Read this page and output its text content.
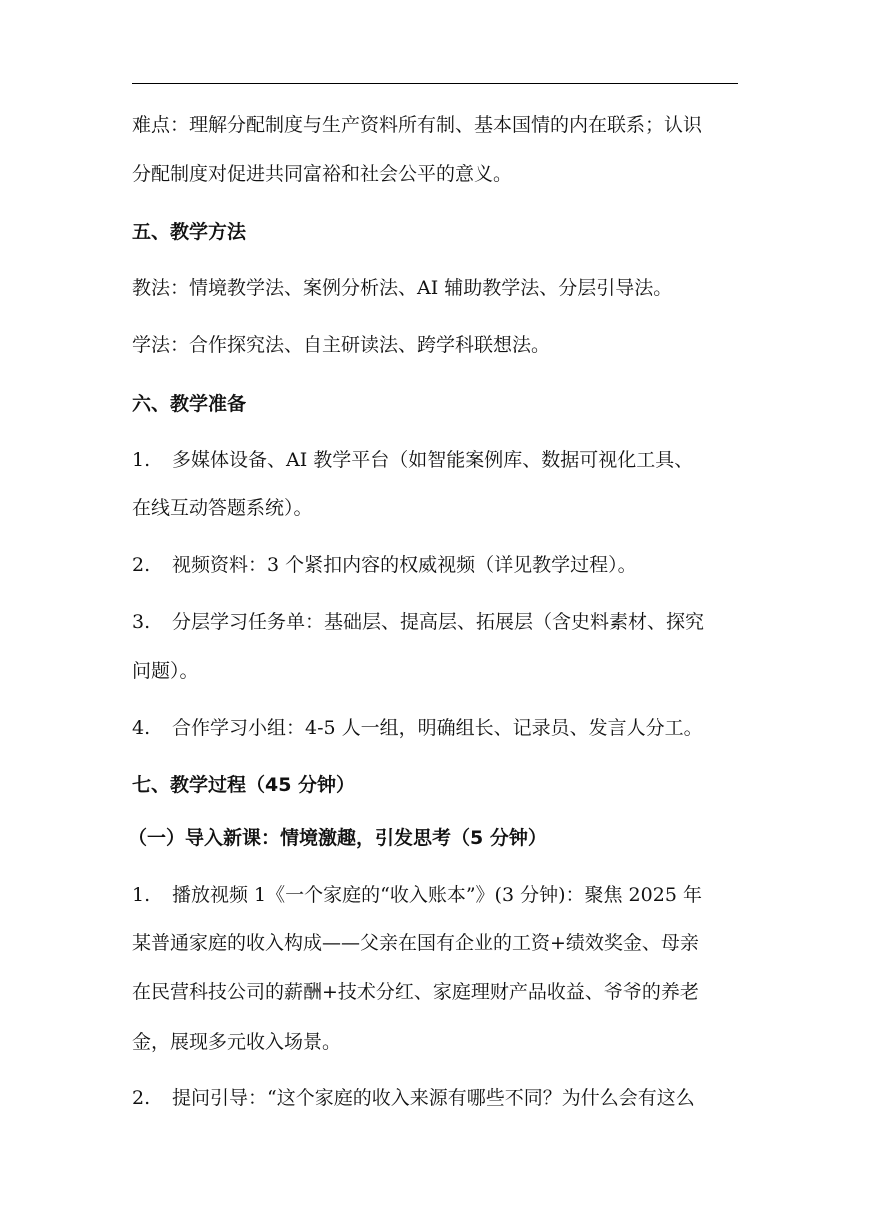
难点：理解分配制度与生产资料所有制、基本国情的内在联系；认识
分配制度对促进共同富裕和社会公平的意义。
五、教学方法
教法：情境教学法、案例分析法、AI 辅助教学法、分层引导法。
学法：合作探究法、自主研读法、跨学科联想法。
六、教学准备
1. 多媒体设备、AI 教学平台（如智能案例库、数据可视化工具、
在线互动答题系统）。
2. 视频资料：3 个紧扣内容的权威视频（详见教学过程）。
3. 分层学习任务单：基础层、提高层、拓展层（含史料素材、探究
问题）。
4. 合作学习小组：4-5 人一组，明确组长、记录员、发言人分工。
七、教学过程（45 分钟）
（一）导入新课：情境激趣，引发思考（5 分钟）
1. 播放视频 1《一个家庭的“收入账本”》(3 分钟)：聚焦 2025 年
某普通家庭的收入构成——父亲在国有企业的工资+绩效奖金、母亲
在民营科技公司的薪酬+技术分红、家庭理财产品收益、爷爷的养老
金，展现多元收入场景。
2. 提问引导：“这个家庭的收入来源有哪些不同？为什么会有这么
